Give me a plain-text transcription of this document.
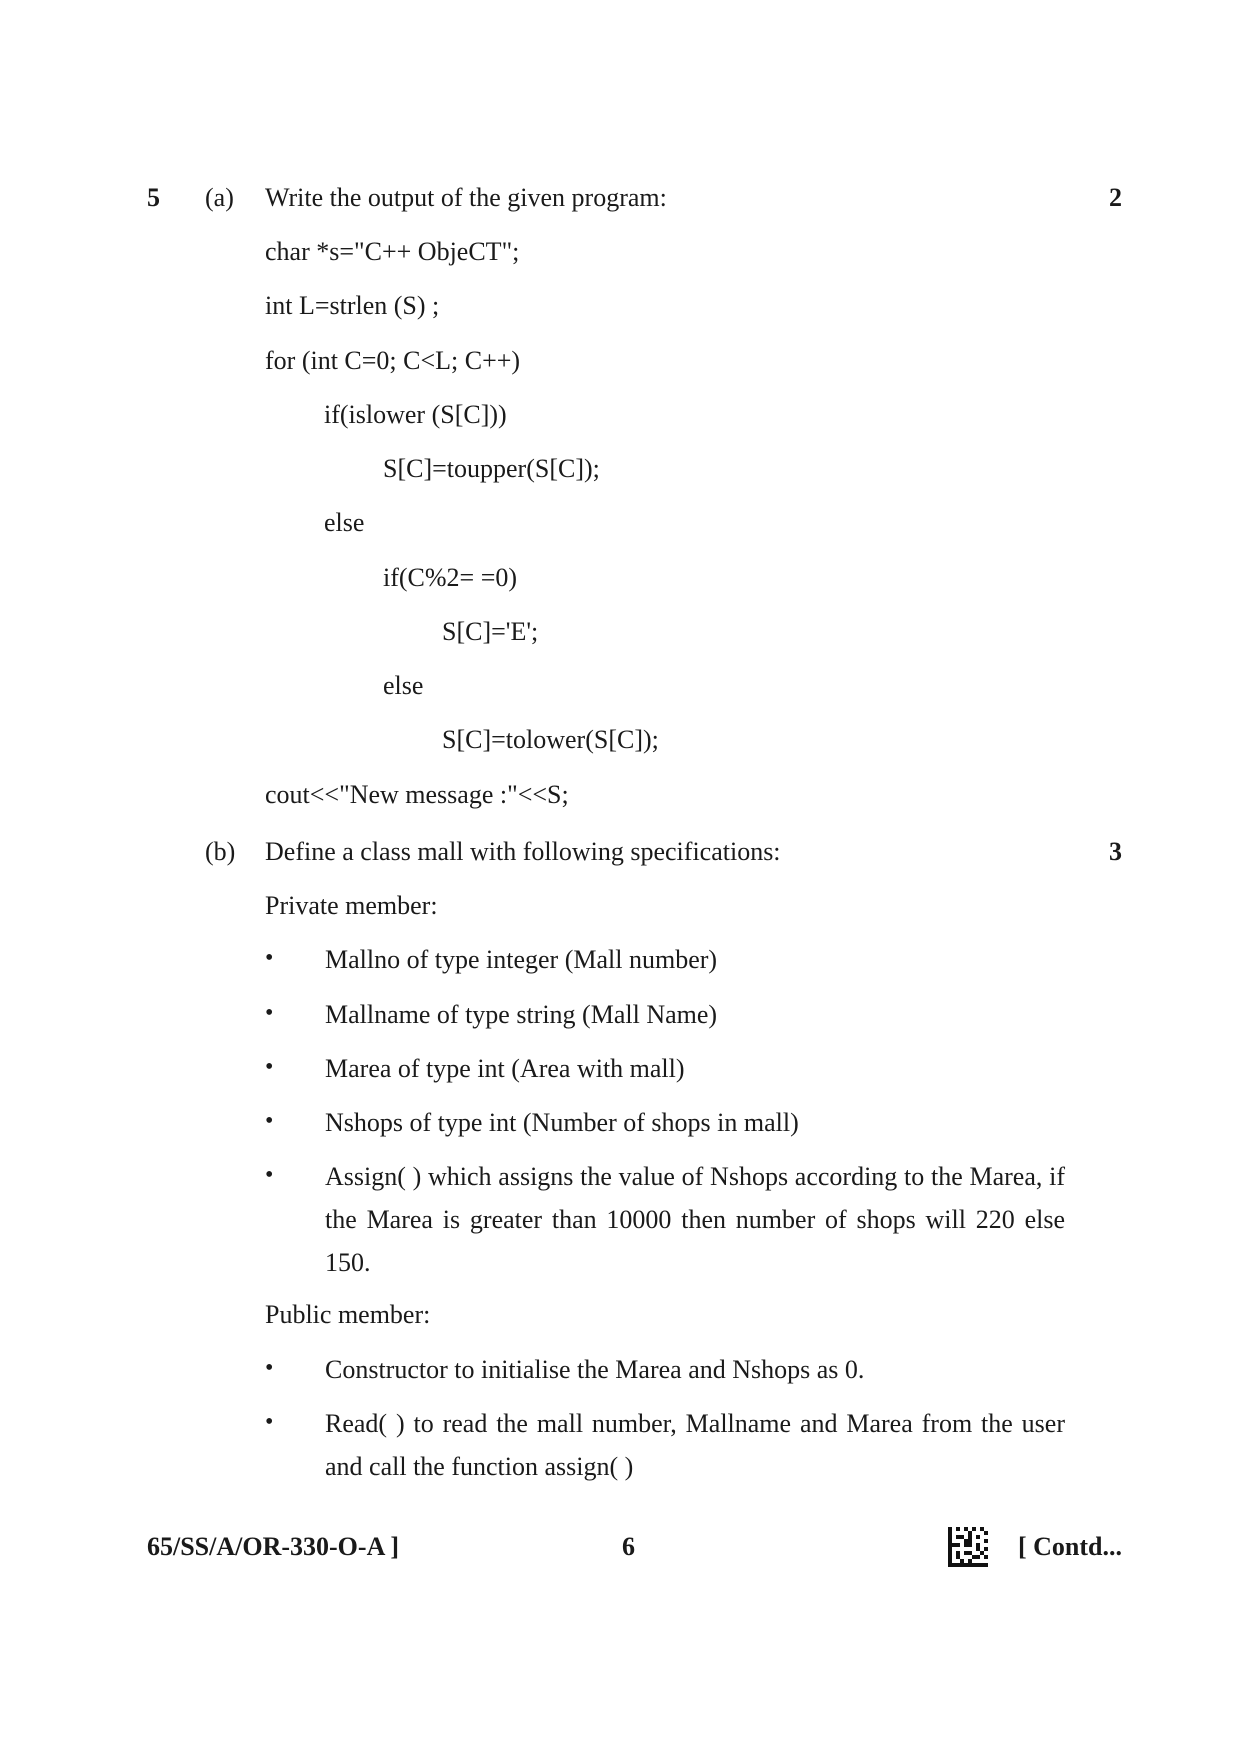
5 (a) Write the output of the given program:	2
char *s="C++ ObjeCT";
int L=strlen (S) ;
for (int C=0; C<L; C++)
if(islower (S[C]))
S[C]=toupper(S[C]);
else
if(C%2= =0)
S[C]='E';
else
S[C]=tolower(S[C]);
cout<<"New message :"<<S;
(b) Define a class mall with following specifications:	3
Private member:
• Mallno of type integer (Mall number)
• Mallname of type string (Mall Name)
• Marea of type int (Area with mall)
• Nshops of type int (Number of shops in mall)
• Assign( ) which assigns the value of Nshops according to the Marea, if the Marea is greater than 10000 then number of shops will 220 else 150.
Public member:
• Constructor to initialise the Marea and Nshops as 0.
• Read( ) to read the mall number, Mallname and Marea from the user and call the function assign( )
65/SS/A/OR-330-O-A ]	6	[ Contd...
